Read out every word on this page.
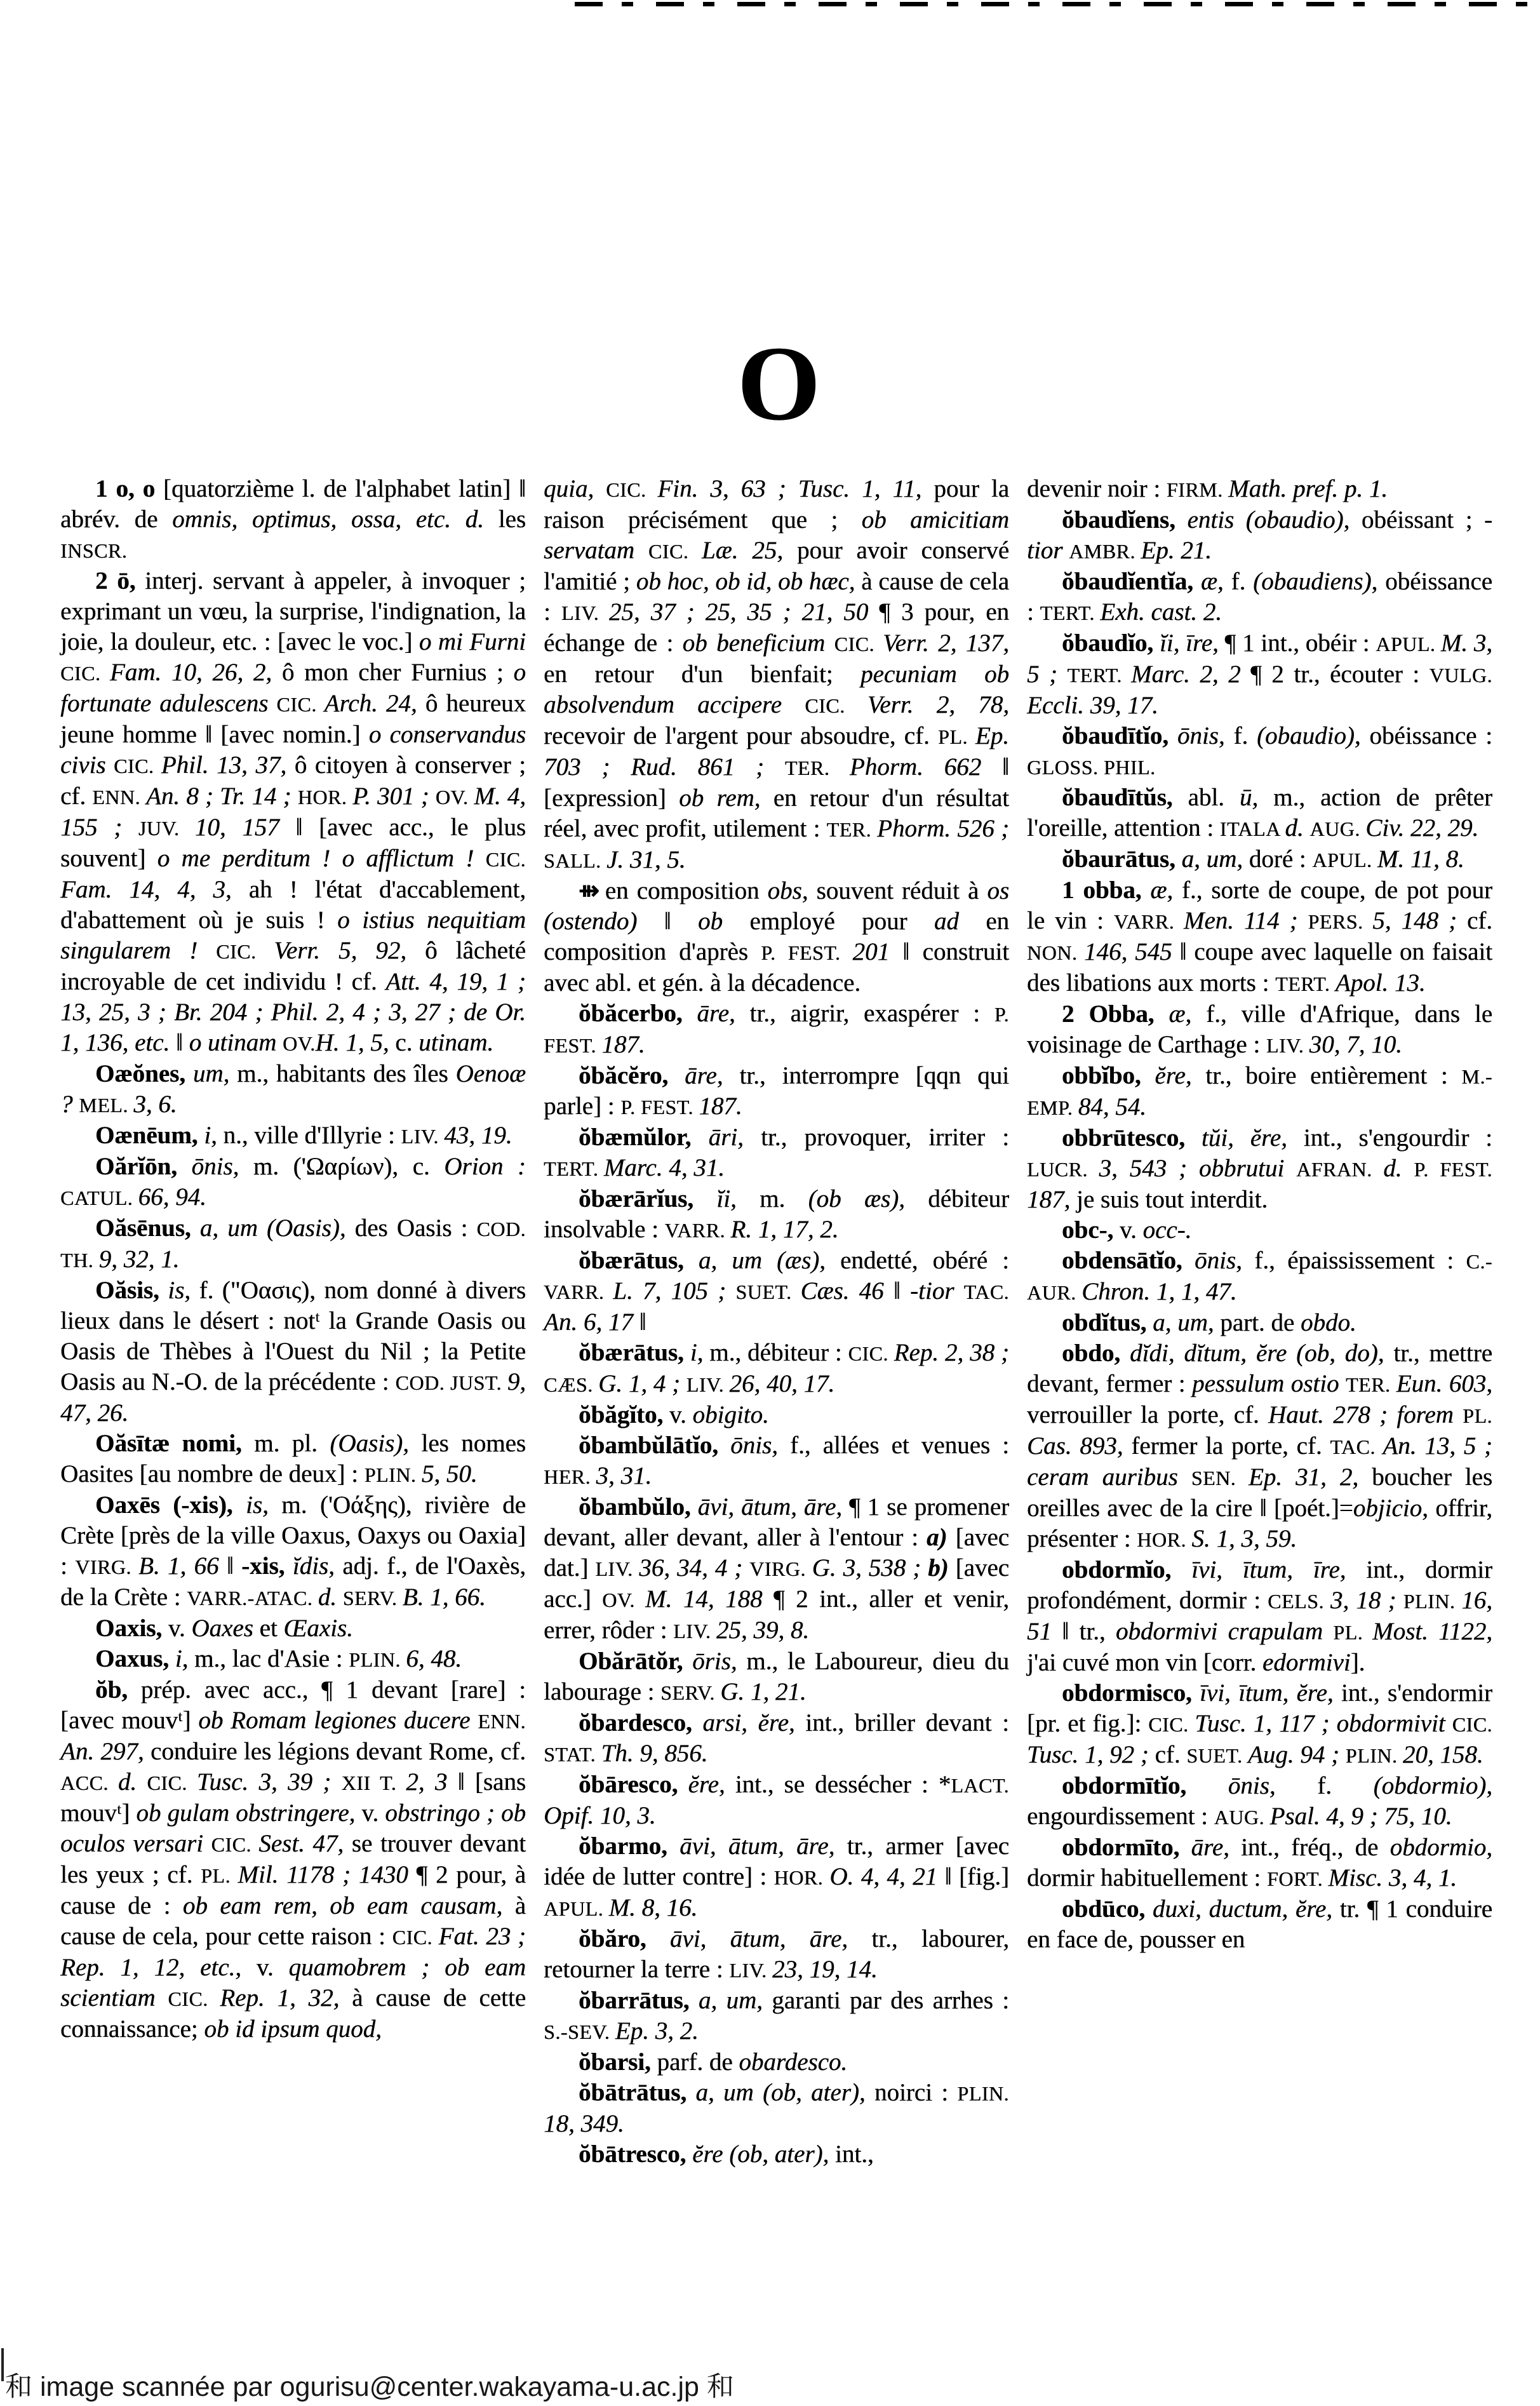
O

1 o, o [quatorzième l. de l'alphabet latin] ‖ abrév. de omnis, optimus, ossa, etc. d. les INSCR.

2 ō, interj. servant à appeler, à invoquer ; exprimant un vœu, la surprise, l'indignation, la joie, la douleur, etc. : [avec le voc.] o mi Furni CIC. Fam. 10, 26, 2, ô mon cher Furnius ; o fortunate adulescens CIC. Arch. 24, ô heureux jeune homme ‖ [avec nomin.] o conservandus civis CIC. Phil. 13, 37, ô citoyen à conserver ; cf. ENN. An. 8 ; Tr. 14 ; HOR. P. 301 ; OV. M. 4, 155 ; JUV. 10, 157 ‖ [avec acc., le plus souvent] o me perditum ! o afflictum ! CIC. Fam. 14, 4, 3, ah ! l'état d'accablement, d'abattement où je suis ! o istius nequitiam singularem ! CIC. Verr. 5, 92, ô lâcheté incroyable de cet individu ! cf. Att. 4, 19, 1 ; 13, 25, 3 ; Br. 204 ; Phil. 2, 4 ; 3, 27 ; de Or. 1, 136, etc. ‖ o utinam OV.H. 1, 5, c. utinam.

Oæŏnes, um, m., habitants des îles Oenoæ ? MEL. 3, 6.

Oænēum, i, n., ville d'Illyrie : LIV. 43, 19.

Oărĭōn, ōnis, m. ('Ωαρίων), c. Orion : CATUL. 66, 94.

Oăsēnus, a, um (Oasis), des Oasis : COD. TH. 9, 32, 1.

Oăsis, is, f. ("Οασις), nom donné à divers lieux dans le désert : notᵗ la Grande Oasis ou Oasis de Thèbes à l'Ouest du Nil ; la Petite Oasis au N.-O. de la précédente : COD. JUST. 9, 47, 26.

Oăsītæ nomi, m. pl. (Oasis), les nomes Oasites [au nombre de deux] : PLIN. 5, 50.

Oaxēs (-xis), is, m. ('Οάξης), rivière de Crète [près de la ville Oaxus, Oaxys ou Oaxia] : VIRG. B. 1, 66 ‖ -xis, ĭdis, adj. f., de l'Oaxès, de la Crète : VARR.-ATAC. d. SERV. B. 1, 66.

Oaxis, v. Oaxes et Œaxis.

Oaxus, i, m., lac d'Asie : PLIN. 6, 48.

ŏb, prép. avec acc., ¶ 1 devant [rare] : [avec mouvᵗ] ob Romam legiones ducere ENN. An. 297, conduire les légions devant Rome, cf. ACC. d. CIC. Tusc. 3, 39 ; XII T. 2, 3 ‖ [sans mouvᵗ] ob gulam obstringere, v. obstringo ; ob oculos versari CIC. Sest. 47, se trouver devant les yeux ; cf. PL. Mil. 1178 ; 1430 ¶ 2 pour, à cause de : ob eam rem, ob eam causam, à cause de cela, pour cette raison : CIC. Fat. 23 ; Rep. 1, 12, etc., v. quamobrem ; ob eam scientiam CIC. Rep. 1, 32, à cause de cette connaissance; ob id ipsum quod,

quia, CIC. Fin. 3, 63 ; Tusc. 1, 11, pour la raison précisément que ; ob amicitiam servatam CIC. Læ. 25, pour avoir conservé l'amitié ; ob hoc, ob id, ob hæc, à cause de cela : LIV. 25, 37 ; 25, 35 ; 21, 50 ¶ 3 pour, en échange de : ob beneficium CIC. Verr. 2, 137, en retour d'un bienfait; pecuniam ob absolvendum accipere CIC. Verr. 2, 78, recevoir de l'argent pour absoudre, cf. PL. Ep. 703 ; Rud. 861 ; TER. Phorm. 662 ‖ [expression] ob rem, en retour d'un résultat réel, avec profit, utilement : TER. Phorm. 526 ; SALL. J. 31, 5.

⇻ en composition obs, souvent réduit à os (ostendo) ‖ ob employé pour ad en composition d'après P. FEST. 201 ‖ construit avec abl. et gén. à la décadence.

ŏbăcerbo, āre, tr., aigrir, exaspérer : P. FEST. 187.

ŏbăcĕro, āre, tr., interrompre [qqn qui parle] : P. FEST. 187.

ŏbæmŭlor, āri, tr., provoquer, irriter : TERT. Marc. 4, 31.

ŏbærārĭus, ĭi, m. (ob æs), débiteur insolvable : VARR. R. 1, 17, 2.

ŏbærātus, a, um (æs), endetté, obéré : VARR. L. 7, 105 ; SUET. Cæs. 46 ‖ -tior TAC. An. 6, 17 ‖

ŏbærātus, i, m., débiteur : CIC. Rep. 2, 38 ; CÆS. G. 1, 4 ; LIV. 26, 40, 17.

ŏbăgĭto, v. obigito.

ŏbambŭlātĭo, ōnis, f., allées et venues : HER. 3, 31.

ŏbambŭlo, āvi, ātum, āre, ¶ 1 se promener devant, aller devant, aller à l'entour : a) [avec dat.] LIV. 36, 34, 4 ; VIRG. G. 3, 538 ; b) [avec acc.] OV. M. 14, 188 ¶ 2 int., aller et venir, errer, rôder : LIV. 25, 39, 8.

Obărātŏr, ōris, m., le Laboureur, dieu du labourage : SERV. G. 1, 21.

ŏbardesco, arsi, ĕre, int., briller devant : STAT. Th. 9, 856.

ŏbāresco, ĕre, int., se dessécher : *LACT. Opif. 10, 3.

ŏbarmo, āvi, ātum, āre, tr., armer [avec idée de lutter contre] : HOR. O. 4, 4, 21 ‖ [fig.] APUL. M. 8, 16.

ŏbăro, āvi, ātum, āre, tr., labourer, retourner la terre : LIV. 23, 19, 14.

ŏbarrātus, a, um, garanti par des arrhes : S.-SEV. Ep. 3, 2.

ŏbarsi, parf. de obardesco.

ŏbātrātus, a, um (ob, ater), noirci : PLIN. 18, 349.

ŏbātresco, ĕre (ob, ater), int.,

devenir noir : FIRM. Math. pref. p. 1.

ŏbaudĭens, entis (obaudio), obéissant ; -tior AMBR. Ep. 21.

ŏbaudĭentĭa, æ, f. (obaudiens), obéissance : TERT. Exh. cast. 2.

ŏbaudĭo, ĭi, īre, ¶ 1 int., obéir : APUL. M. 3, 5 ; TERT. Marc. 2, 2 ¶ 2 tr., écouter : VULG. Eccli. 39, 17.

ŏbaudītĭo, ōnis, f. (obaudio), obéissance : GLOSS. PHIL.

ŏbaudītŭs, abl. ū, m., action de prêter l'oreille, attention : ITALA d. AUG. Civ. 22, 29.

ŏbaurātus, a, um, doré : APUL. M. 11, 8.

1 obba, æ, f., sorte de coupe, de pot pour le vin : VARR. Men. 114 ; PERS. 5, 148 ; cf. NON. 146, 545 ‖ coupe avec laquelle on faisait des libations aux morts : TERT. Apol. 13.

2 Obba, æ, f., ville d'Afrique, dans le voisinage de Carthage : LIV. 30, 7, 10.

obbĭbo, ĕre, tr., boire entièrement : M.-EMP. 84, 54.

obbrūtesco, tŭi, ĕre, int., s'engourdir : LUCR. 3, 543 ; obbrutui AFRAN. d. P. FEST. 187, je suis tout interdit.

obc-, v. occ-.

obdensātĭo, ōnis, f., épaississement : C.-AUR. Chron. 1, 1, 47.

obdĭtus, a, um, part. de obdo.

obdo, dĭdi, dĭtum, ĕre (ob, do), tr., mettre devant, fermer : pessulum ostio TER. Eun. 603, verrouiller la porte, cf. Haut. 278 ; forem PL. Cas. 893, fermer la porte, cf. TAC. An. 13, 5 ; ceram auribus SEN. Ep. 31, 2, boucher les oreilles avec de la cire ‖ [poét.]=objicio, offrir, présenter : HOR. S. 1, 3, 59.

obdormĭo, īvi, ītum, īre, int., dormir profondément, dormir : CELS. 3, 18 ; PLIN. 16, 51 ‖ tr., obdormivi crapulam PL. Most. 1122, j'ai cuvé mon vin [corr. edormivi].

obdormisco, īvi, ītum, ĕre, int., s'endormir [pr. et fig.]: CIC. Tusc. 1, 117 ; obdormivit CIC. Tusc. 1, 92 ; cf. SUET. Aug. 94 ; PLIN. 20, 158.

obdormītĭo, ōnis, f. (obdormio), engourdissement : AUG. Psal. 4, 9 ; 75, 10.

obdormīto, āre, int., fréq., de obdormio, dormir habituellement : FORT. Misc. 3, 4, 1.

obdūco, duxi, ductum, ĕre, tr. ¶ 1 conduire en face de, pousser en

和 image scannée par ogurisu@center.wakayama-u.ac.jp 和
